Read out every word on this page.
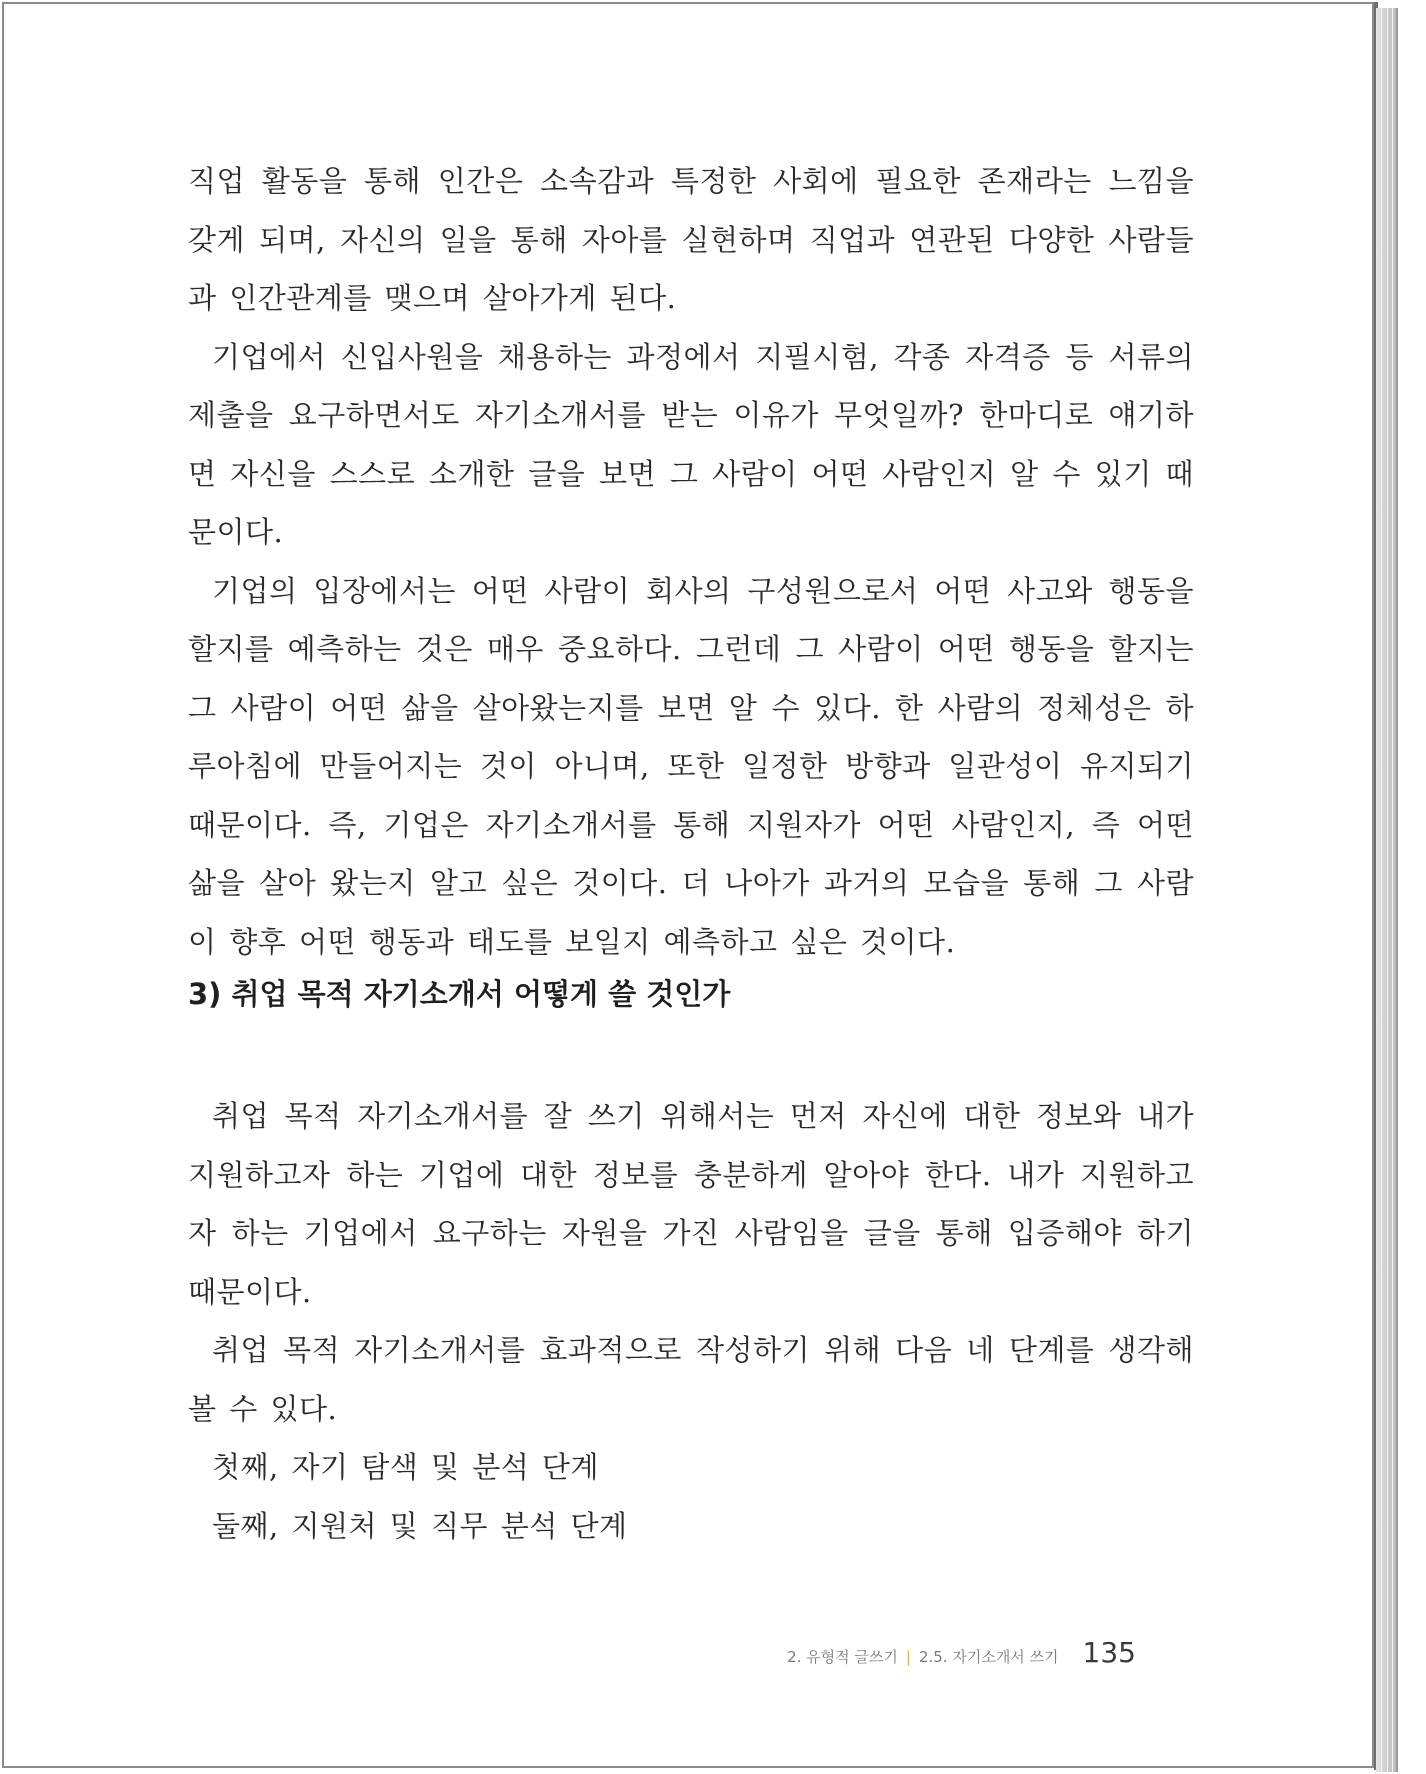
직업 활동을 통해 인간은 소속감과 특정한 사회에 필요한 존재라는 느낌을 갖게 되며, 자신의 일을 통해 자아를 실현하며 직업과 연관된 다양한 사람들과 인간관계를 맺으며 살아가게 된다.

기업에서 신입사원을 채용하는 과정에서 지필시험, 각종 자격증 등 서류의 제출을 요구하면서도 자기소개서를 받는 이유가 무엇일까? 한마디로 얘기하면 자신을 스스로 소개한 글을 보면 그 사람이 어떤 사람인지 알 수 있기 때문이다.

기업의 입장에서는 어떤 사람이 회사의 구성원으로서 어떤 사고와 행동을 할지를 예측하는 것은 매우 중요하다. 그런데 그 사람이 어떤 행동을 할지는 그 사람이 어떤 삶을 살아왔는지를 보면 알 수 있다. 한 사람의 정체성은 하루아침에 만들어지는 것이 아니며, 또한 일정한 방향과 일관성이 유지되기 때문이다. 즉, 기업은 자기소개서를 통해 지원자가 어떤 사람인지, 즉 어떤 삶을 살아 왔는지 알고 싶은 것이다. 더 나아가 과거의 모습을 통해 그 사람이 향후 어떤 행동과 태도를 보일지 예측하고 싶은 것이다.

3) 취업 목적 자기소개서 어떻게 쓸 것인가

취업 목적 자기소개서를 잘 쓰기 위해서는 먼저 자신에 대한 정보와 내가 지원하고자 하는 기업에 대한 정보를 충분하게 알아야 한다. 내가 지원하고자 하는 기업에서 요구하는 자원을 가진 사람임을 글을 통해 입증해야 하기 때문이다.

취업 목적 자기소개서를 효과적으로 작성하기 위해 다음 네 단계를 생각해 볼 수 있다.

첫째, 자기 탐색 및 분석 단계

둘째, 지원처 및 직무 분석 단계

2. 유형적 글쓰기 | 2.5. 자기소개서 쓰기 135
